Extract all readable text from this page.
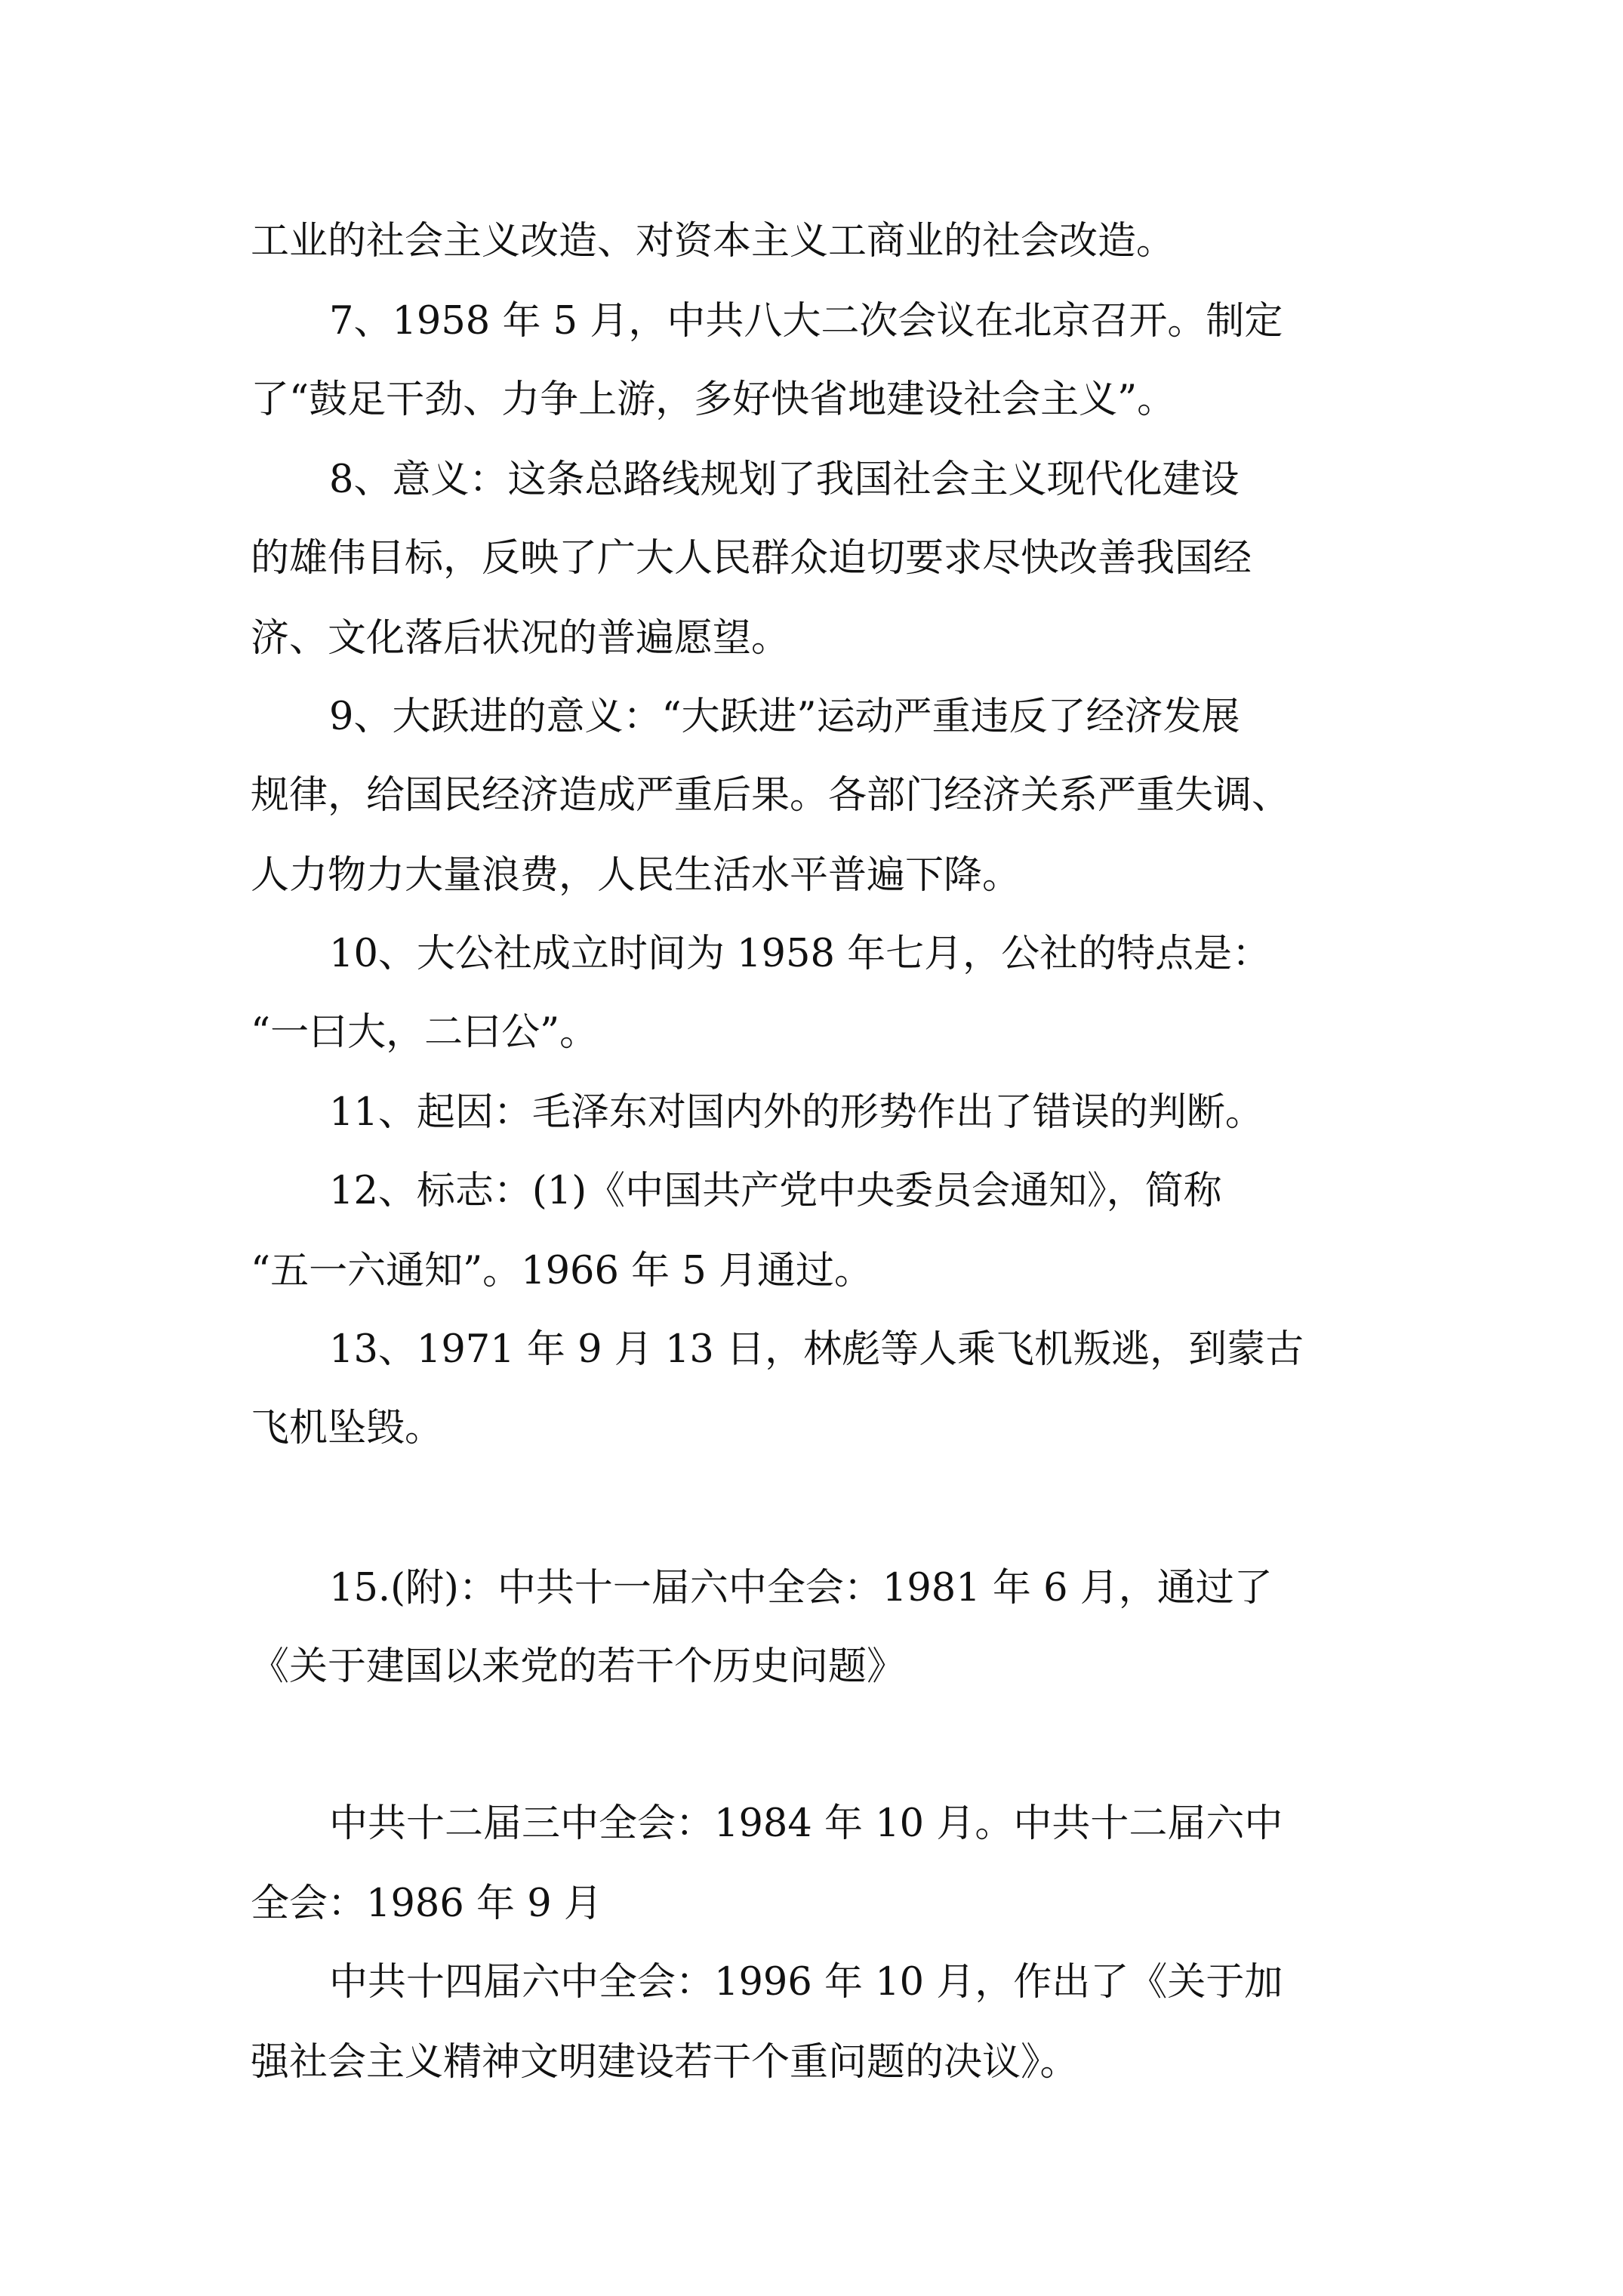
工业的社会主义改造、对资本主义工商业的社会改造。
7、1958 年 5 月，中共八大二次会议在北京召开。制定
了“鼓足干劲、力争上游，多好快省地建设社会主义”。
8、意义：这条总路线规划了我国社会主义现代化建设
的雄伟目标，反映了广大人民群众迫切要求尽快改善我国经
济、文化落后状况的普遍愿望。
9、大跃进的意义：“大跃进”运动严重违反了经济发展
规律，给国民经济造成严重后果。各部门经济关系严重失调、
人力物力大量浪费，人民生活水平普遍下降。
10、大公社成立时间为 1958 年七月，公社的特点是：
“一曰大，二曰公”。
11、起因：毛泽东对国内外的形势作出了错误的判断。
12、标志：(1)《中国共产党中央委员会通知》，简称
“五一六通知”。1966 年 5 月通过。
13、1971 年 9 月 13 日，林彪等人乘飞机叛逃，到蒙古
飞机坠毁。
15.(附)：中共十一届六中全会：1981 年 6 月，通过了
《关于建国以来党的若干个历史问题》
中共十二届三中全会：1984 年 10 月。中共十二届六中
全会：1986 年 9 月
中共十四届六中全会：1996 年 10 月，作出了《关于加
强社会主义精神文明建设若干个重问题的决议》。
